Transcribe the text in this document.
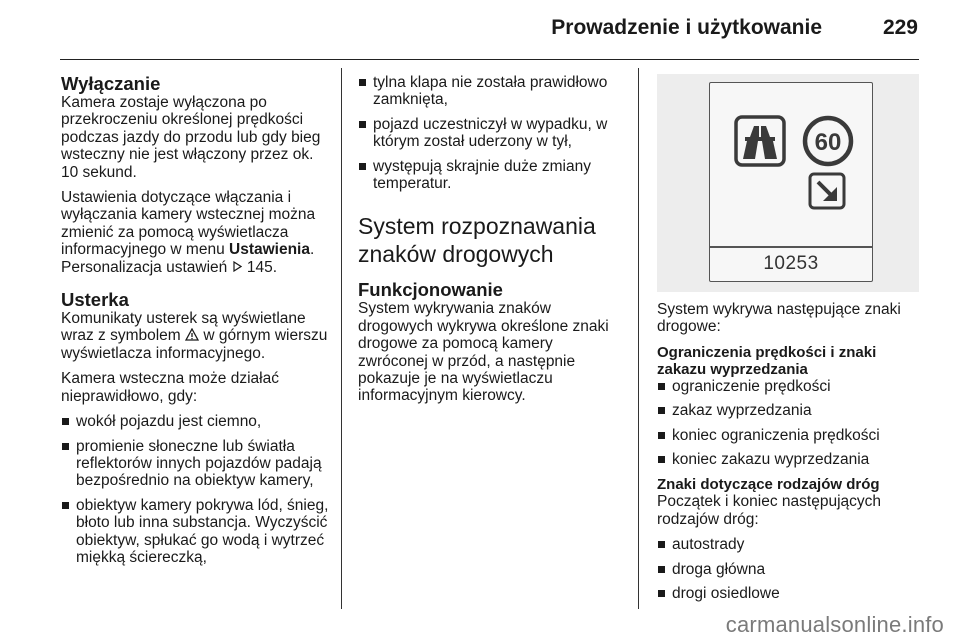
Prowadzenie i użytkowanie	229
Wyłączanie

Kamera zostaje wyłączona po przekroczeniu określonej prędkości podczas jazdy do przodu lub gdy bieg wsteczny nie jest włączony przez ok. 10 sekund.

Ustawienia dotyczące włączania i wyłączania kamery wstecznej można zmienić za pomocą wyświetlacza informacyjnego w menu Ustawienia. Personalizacja ustawień  145.

Usterka

Komunikaty usterek są wyświetlane wraz z symbolem  w górnym wierszu wyświetlacza informacyjnego.

Kamera wsteczna może działać nieprawidłowo, gdy:

wokół pojazdu jest ciemno,
promienie słoneczne lub światła reflektorów innych pojazdów padają bezpośrednio na obiektyw kamery,
obiektyw kamery pokrywa lód, śnieg, błoto lub inna substancja. Wyczyścić obiektyw, spłukać go wodą i wytrzeć miękką ściereczką,
tylna klapa nie została prawidłowo zamknięta,
pojazd uczestniczył w wypadku, w którym został uderzony w tył,
występują skrajnie duże zmiany temperatur.
System rozpoznawania znaków drogowych
Funkcjonowanie

System wykrywania znaków drogowych wykrywa określone znaki drogowe za pomocą kamery zwróconej w przód, a następnie pokazuje je na wyświetlaczu informacyjnym kierowcy.

60
10253

System wykrywa następujące znaki drogowe:

Ograniczenia prędkości i znaki zakazu wyprzedzania

ograniczenie prędkości
zakaz wyprzedzania
koniec ograniczenia prędkości
koniec zakazu wyprzedzania

Znaki dotyczące rodzajów dróg

Początek i koniec następujących rodzajów dróg:

autostrady
droga główna
drogi osiedlowe
carmanualsonline.info
